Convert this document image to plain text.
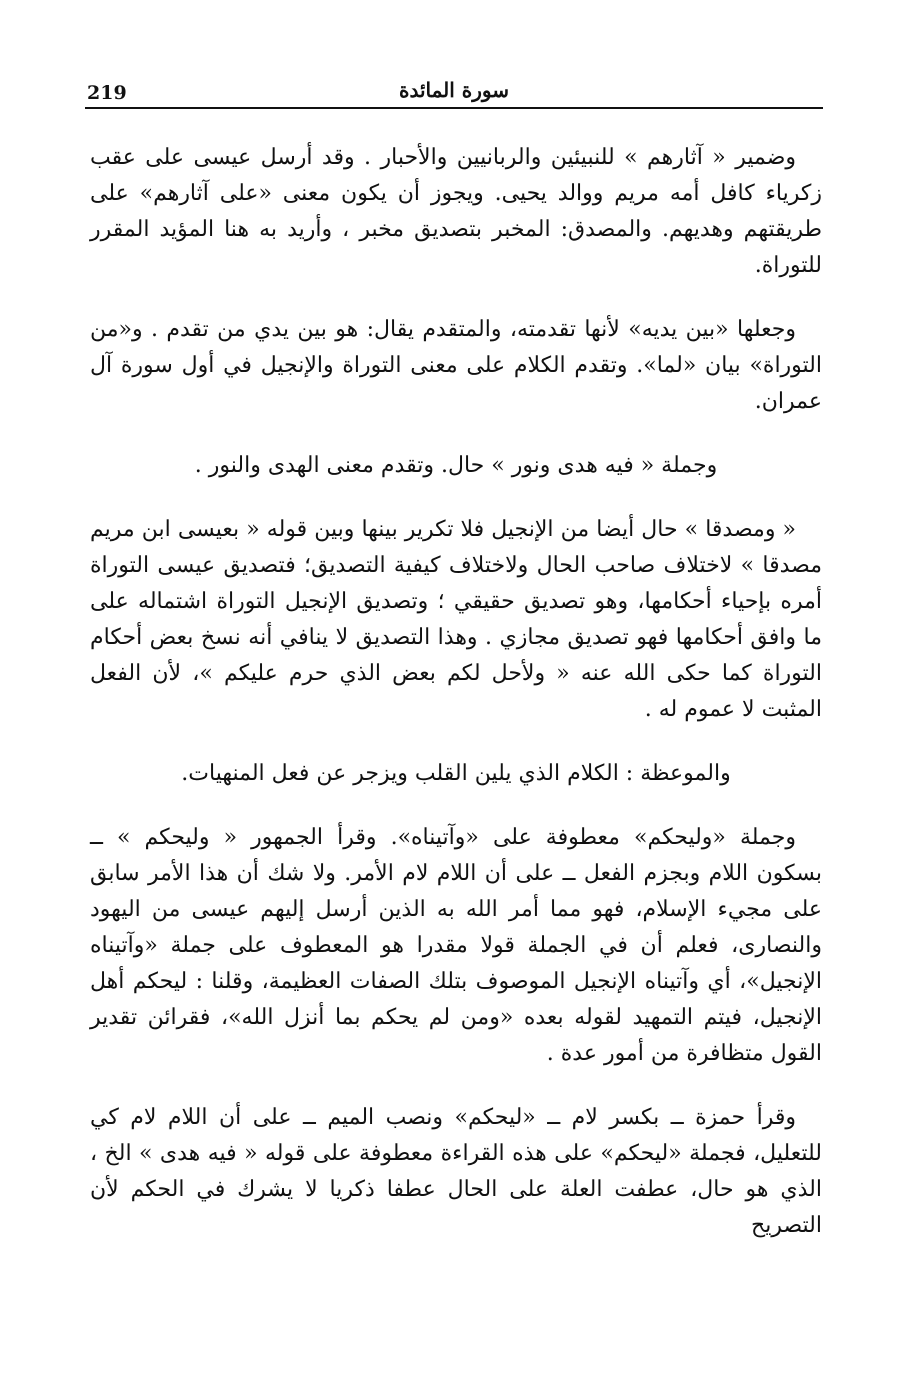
219	سورة المائدة

وضمير « آثارهم » للنبيئين والربانيين والأحبار . وقد أرسل عيسى على عقب زكرياء كافل أمه مريم ووالد يحيى. ويجوز أن يكون معنى «على آثارهم» على طريقتهم وهديهم. والمصدق: المخبر بتصديق مخبر ، وأريد به هنا المؤيد المقرر للتوراة.

وجعلها «بين يديه» لأنها تقدمته، والمتقدم يقال: هو بين يدي من تقدم . و«من التوراة» بيان «لما». وتقدم الكلام على معنى التوراة والإنجيل في أول سورة آل عمران.

وجملة « فيه هدى ونور » حال. وتقدم معنى الهدى والنور .

« ومصدقا » حال أيضا من الإنجيل فلا تكرير بينها وبين قوله « بعيسى ابن مريم مصدقا » لاختلاف صاحب الحال ولاختلاف كيفية التصديق؛ فتصديق عيسى التوراة أمره بإحياء أحكامها، وهو تصديق حقيقي ؛ وتصديق الإنجيل التوراة اشتماله على ما وافق أحكامها فهو تصديق مجازي . وهذا التصديق لا ينافي أنه نسخ بعض أحكام التوراة كما حكى الله عنه « ولأحل لكم بعض الذي حرم عليكم »، لأن الفعل المثبت لا عموم له .

والموعظة : الكلام الذي يلين القلب ويزجر عن فعل المنهيات.

وجملة «وليحكم» معطوفة على «وآتيناه». وقرأ الجمهور « وليحكم » ــ بسكون اللام وبجزم الفعل ــ على أن اللام لام الأمر. ولا شك أن هذا الأمر سابق على مجيء الإسلام، فهو مما أمر الله به الذين أرسل إليهم عيسى من اليهود والنصارى، فعلم أن في الجملة قولا مقدرا هو المعطوف على جملة «وآتيناه الإنجيل»، أي وآتيناه الإنجيل الموصوف بتلك الصفات العظيمة، وقلنا : ليحكم أهل الإنجيل، فيتم التمهيد لقوله بعده «ومن لم يحكم بما أنزل الله»، فقرائن تقدير القول متظافرة من أمور عدة .

وقرأ حمزة ــ بكسر لام ــ «ليحكم» ونصب الميم ــ على أن اللام لام كي للتعليل، فجملة «ليحكم» على هذه القراءة معطوفة على قوله « فيه هدى » الخ ، الذي هو حال، عطفت العلة على الحال عطفا ذكريا لا يشرك في الحكم لأن التصريح
